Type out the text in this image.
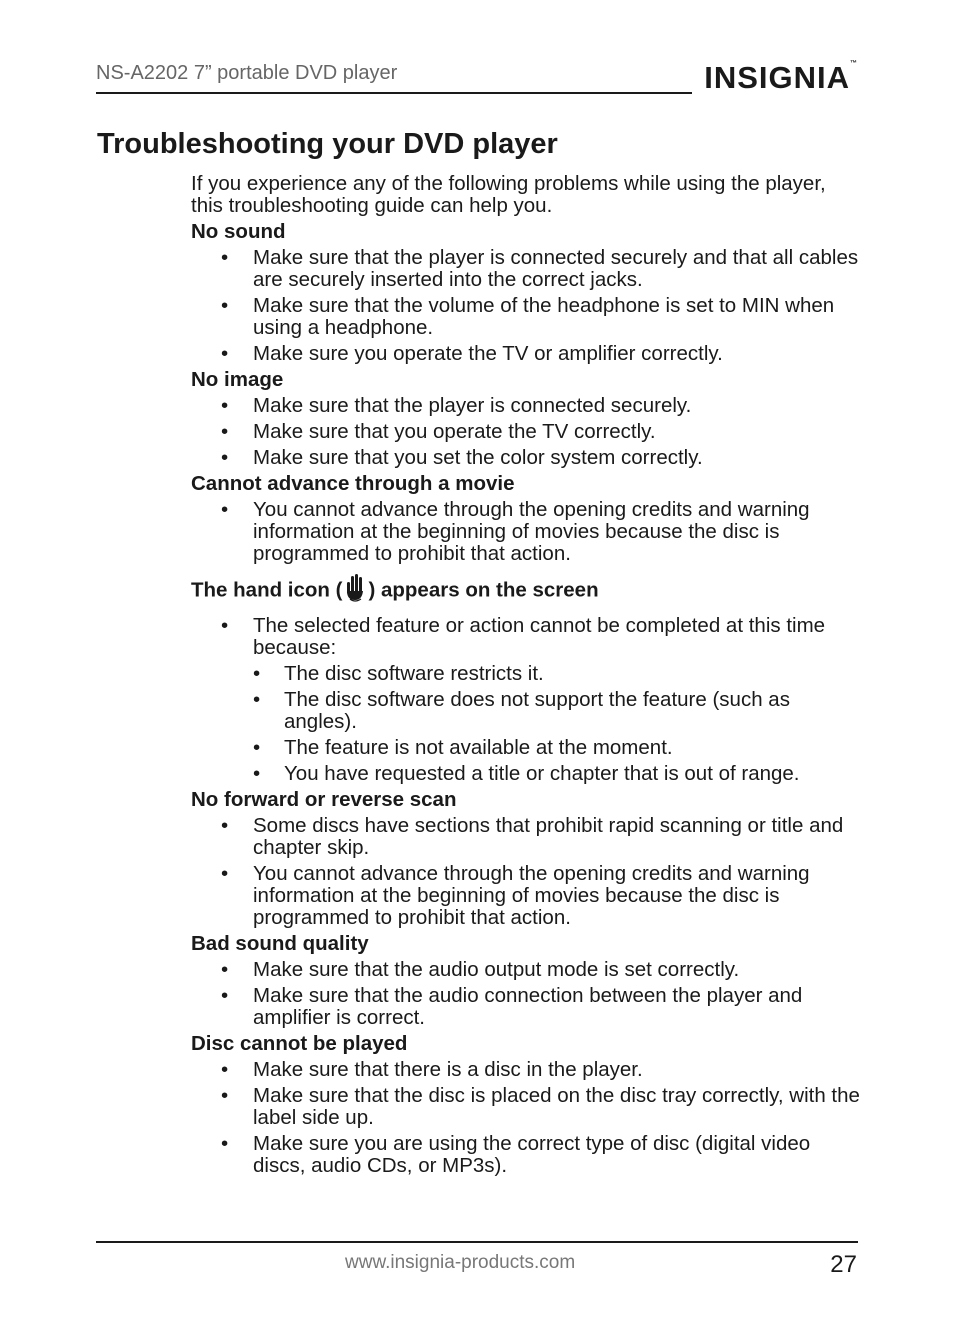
NS-A2202 7” portable DVD player	INSIGNIA™
Troubleshooting your DVD player

If you experience any of the following problems while using the player, this troubleshooting guide can help you.

No sound
• Make sure that the player is connected securely and that all cables are securely inserted into the correct jacks.
• Make sure that the volume of the headphone is set to MIN when using a headphone.
• Make sure you operate the TV or amplifier correctly.
No image
• Make sure that the player is connected securely.
• Make sure that you operate the TV correctly.
• Make sure that you set the color system correctly.
Cannot advance through a movie
• You cannot advance through the opening credits and warning information at the beginning of movies because the disc is programmed to prohibit that action.
The hand icon ( ) appears on the screen
• The selected feature or action cannot be completed at this time because:
• The disc software restricts it.
• The disc software does not support the feature (such as angles).
• The feature is not available at the moment.
• You have requested a title or chapter that is out of range.
No forward or reverse scan
• Some discs have sections that prohibit rapid scanning or title and chapter skip.
• You cannot advance through the opening credits and warning information at the beginning of movies because the disc is programmed to prohibit that action.
Bad sound quality
• Make sure that the audio output mode is set correctly.
• Make sure that the audio connection between the player and amplifier is correct.
Disc cannot be played
• Make sure that there is a disc in the player.
• Make sure that the disc is placed on the disc tray correctly, with the label side up.
• Make sure you are using the correct type of disc (digital video discs, audio CDs, or MP3s).
www.insignia-products.com	27
